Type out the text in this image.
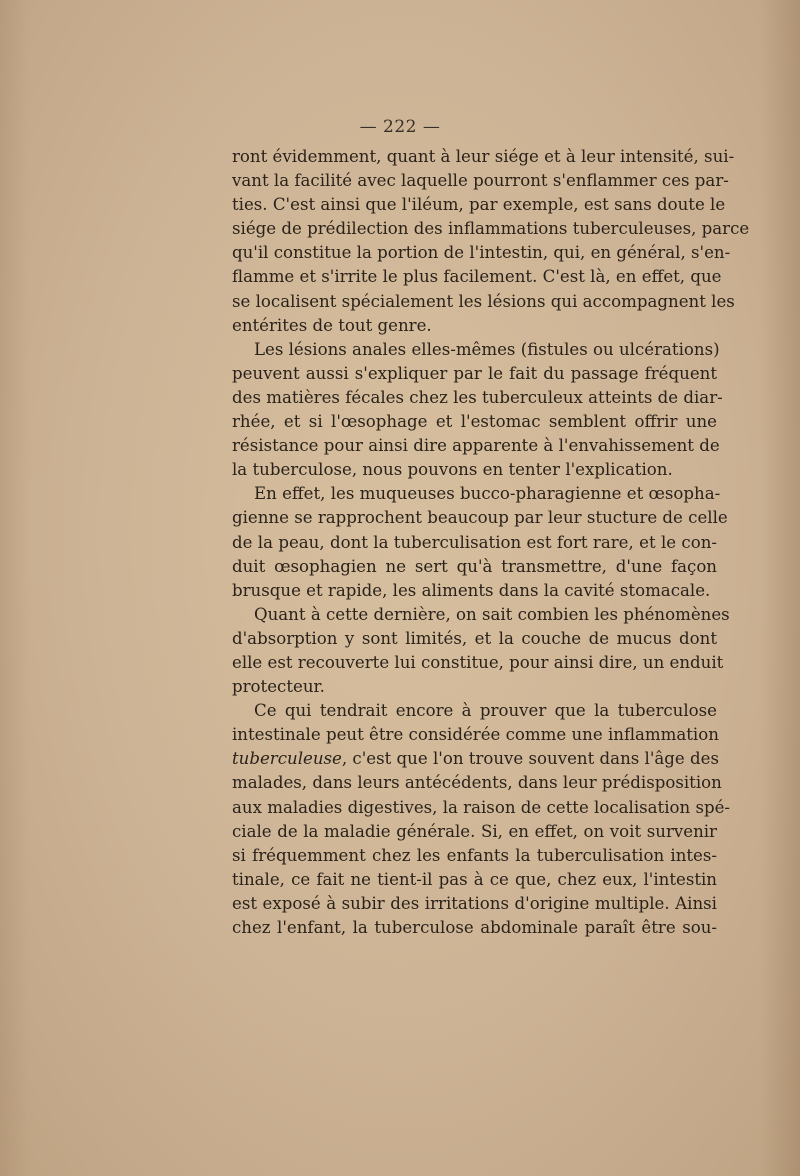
— 222 —
ront évidemment, quant à leur siége et à leur intensité, sui-
vant la facilité avec laquelle pourront s'enflammer ces par-
ties. C'est ainsi que l'iléum, par exemple, est sans doute le
siége de prédilection des inflammations tuberculeuses, parce
qu'il constitue la portion de l'intestin, qui, en général, s'en-
flamme et s'irrite le plus facilement. C'est là, en effet, que
se localisent spécialement les lésions qui accompagnent les
entérites de tout genre.
Les lésions anales elles-mêmes (fistules ou ulcérations)
peuvent aussi s'expliquer par le fait du passage fréquent
des matières fécales chez les tuberculeux atteints de diar-
rhée, et si l'œsophage et l'estomac semblent offrir une
résistance pour ainsi dire apparente à l'envahissement de
la tuberculose, nous pouvons en tenter l'explication.
En effet, les muqueuses bucco-pharagienne et œsopha-
gienne se rapprochent beaucoup par leur stucture de celle
de la peau, dont la tuberculisation est fort rare, et le con-
duit œsophagien ne sert qu'à transmettre, d'une façon
brusque et rapide, les aliments dans la cavité stomacale.
Quant à cette dernière, on sait combien les phénomènes
d'absorption y sont limités, et la couche de mucus dont
elle est recouverte lui constitue, pour ainsi dire, un enduit
protecteur.
Ce qui tendrait encore à prouver que la tuberculose
intestinale peut être considérée comme une inflammation
tuberculeuse, c'est que l'on trouve souvent dans l'âge des
malades, dans leurs antécédents, dans leur prédisposition
aux maladies digestives, la raison de cette localisation spé-
ciale de la maladie générale. Si, en effet, on voit survenir
si fréquemment chez les enfants la tuberculisation intes-
tinale, ce fait ne tient-il pas à ce que, chez eux, l'intestin
est exposé à subir des irritations d'origine multiple. Ainsi
chez l'enfant, la tuberculose abdominale paraît être sou-
